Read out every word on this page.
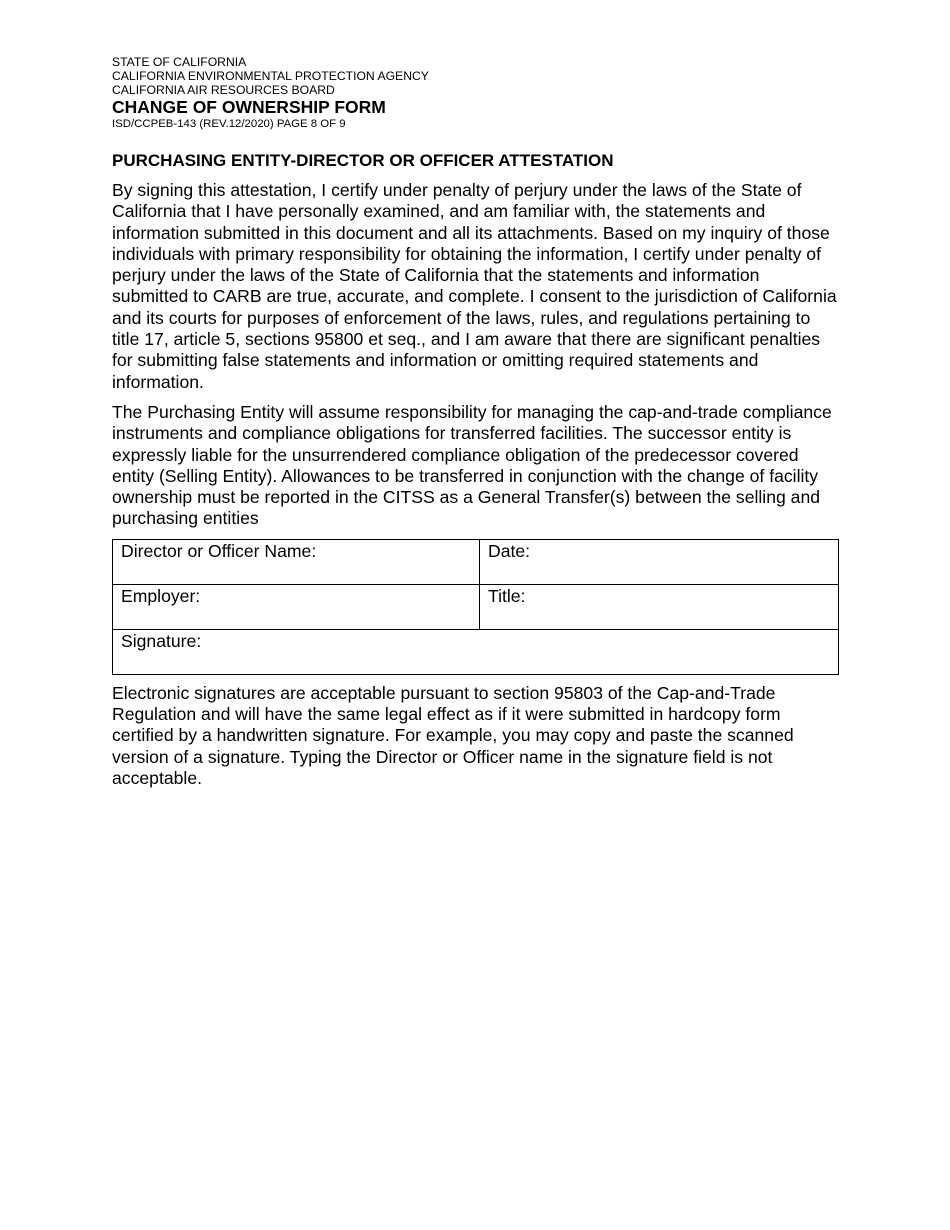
STATE OF CALIFORNIA

CALIFORNIA ENVIRONMENTAL PROTECTION AGENCY

CALIFORNIA AIR RESOURCES BOARD

CHANGE OF OWNERSHIP FORM

ISD/CCPEB-143 (REV.12/2020) PAGE 8 OF 9

PURCHASING ENTITY-DIRECTOR OR OFFICER ATTESTATION

By signing this attestation, I certify under penalty of perjury under the laws of the State of California that I have personally examined, and am familiar with, the statements and information submitted in this document and all its attachments. Based on my inquiry of those individuals with primary responsibility for obtaining the information, I certify under penalty of perjury under the laws of the State of California that the statements and information submitted to CARB are true, accurate, and complete. I consent to the jurisdiction of California and its courts for purposes of enforcement of the laws, rules, and regulations pertaining to title 17, article 5, sections 95800 et seq., and I am aware that there are significant penalties for submitting false statements and information or omitting required statements and information.

The Purchasing Entity will assume responsibility for managing the cap-and-trade compliance instruments and compliance obligations for transferred facilities. The successor entity is expressly liable for the unsurrendered compliance obligation of the predecessor covered entity (Selling Entity). Allowances to be transferred in conjunction with the change of facility ownership must be reported in the CITSS as a General Transfer(s) between the selling and purchasing entities

Director or Officer Name:	Date:

Employer:	Title:

Signature:	

Electronic signatures are acceptable pursuant to section 95803 of the Cap-and-Trade Regulation and will have the same legal effect as if it were submitted in hardcopy form certified by a handwritten signature. For example, you may copy and paste the scanned version of a signature. Typing the Director or Officer name in the signature field is not acceptable.
